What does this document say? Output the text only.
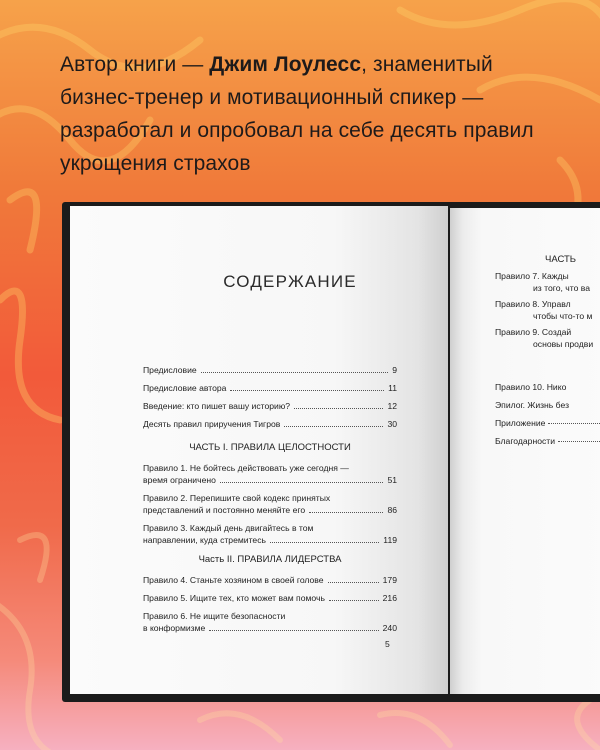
Автор книги — Джим Лоулесс, знаменитый бизнес-тренер и мотивационный спикер — разработал и опробовал на себе десять правил укрощения страхов
СОДЕРЖАНИЕ
Предисловие	9
Предисловие автора	11
Введение: кто пишет вашу историю?	12
Десять правил приручения Тигров	30
ЧАСТЬ I. ПРАВИЛА ЦЕЛОСТНОСТИ
Правило 1. Не бойтесь действовать уже сегодня —
время ограничено	51
Правило 2. Перепишите свой кодекс принятых
представлений и постоянно меняйте его	86
Правило 3. Каждый день двигайтесь в том
направлении, куда стремитесь	119
Часть II. ПРАВИЛА ЛИДЕРСТВА
Правило 4. Станьте хозяином в своей голове	179
Правило 5. Ищите тех, кто может вам помочь	216
Правило 6. Не ищите безопасности
в конформизме	240
5
ЧАСТЬ
Правило 7. Кажды
из того, что ва
Правило 8. Управл
чтобы что-то м
Правило 9. Создай
основы продви
Правило 10. Нико
Эпилог. Жизнь без
Приложение
Благодарности
